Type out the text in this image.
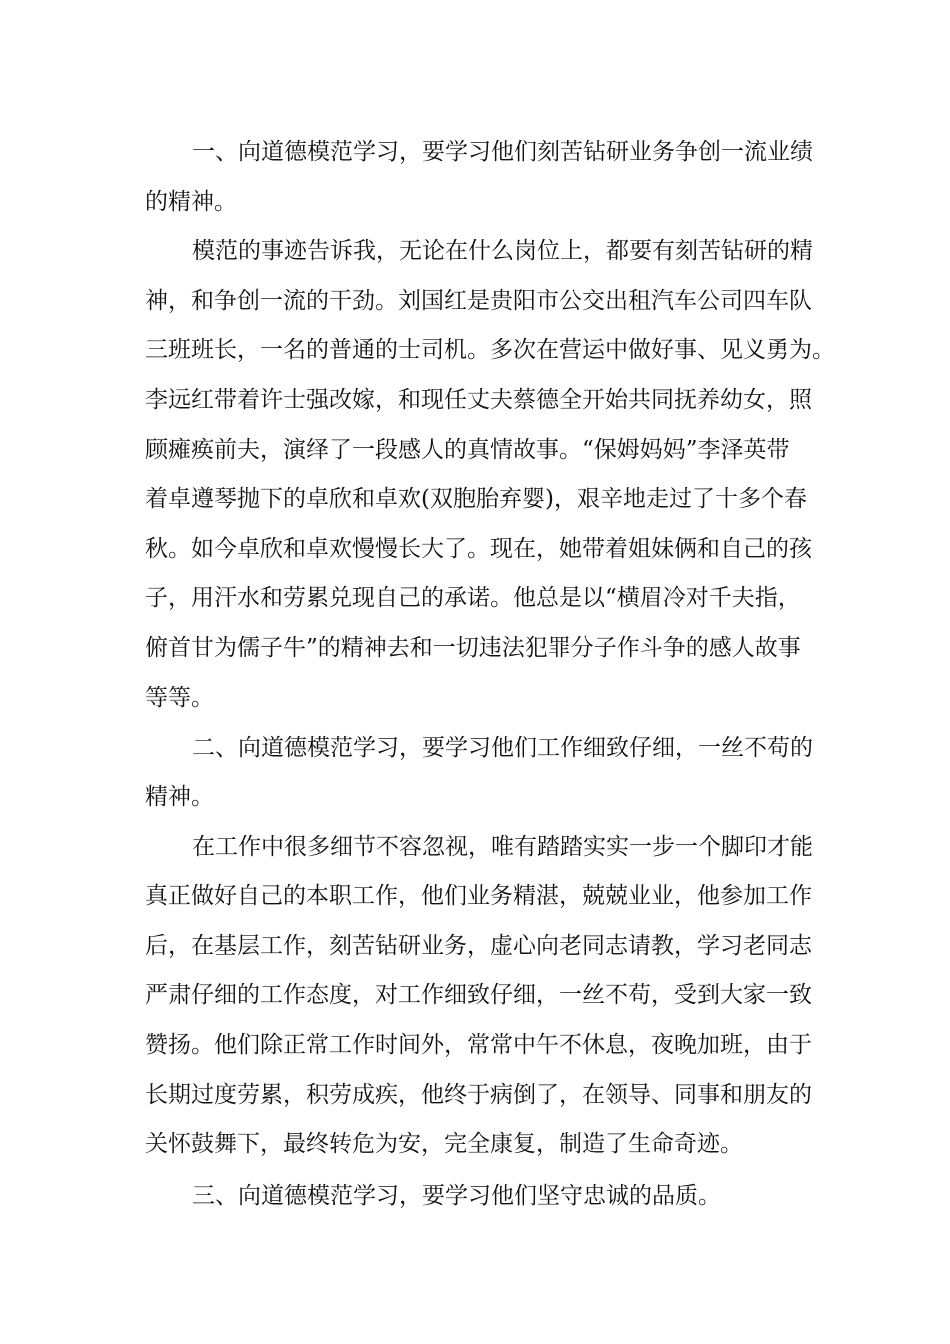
一、向道德模范学习，要学习他们刻苦钻研业务争创一流业绩

的精神。

模范的事迹告诉我，无论在什么岗位上，都要有刻苦钻研的精

神，和争创一流的干劲。刘国红是贵阳市公交出租汽车公司四车队

三班班长，一名的普通的士司机。多次在营运中做好事、见义勇为。

李远红带着许士强改嫁，和现任丈夫蔡德全开始共同抚养幼女，照

顾瘫痪前夫，演绎了一段感人的真情故事。“保姆妈妈”李泽英带

着卓遵琴抛下的卓欣和卓欢(双胞胎弃婴)，艰辛地走过了十多个春

秋。如今卓欣和卓欢慢慢长大了。现在，她带着姐妹俩和自己的孩

子，用汗水和劳累兑现自己的承诺。他总是以“横眉冷对千夫指，

俯首甘为儒子牛”的精神去和一切违法犯罪分子作斗争的感人故事

等等。

二、向道德模范学习，要学习他们工作细致仔细，一丝不苟的

精神。

在工作中很多细节不容忽视，唯有踏踏实实一步一个脚印才能

真正做好自己的本职工作，他们业务精湛，兢兢业业，他参加工作

后，在基层工作，刻苦钻研业务，虚心向老同志请教，学习老同志

严肃仔细的工作态度，对工作细致仔细，一丝不苟，受到大家一致

赞扬。他们除正常工作时间外，常常中午不休息，夜晚加班，由于

长期过度劳累，积劳成疾，他终于病倒了，在领导、同事和朋友的

关怀鼓舞下，最终转危为安，完全康复，制造了生命奇迹。

三、向道德模范学习，要学习他们坚守忠诚的品质。
